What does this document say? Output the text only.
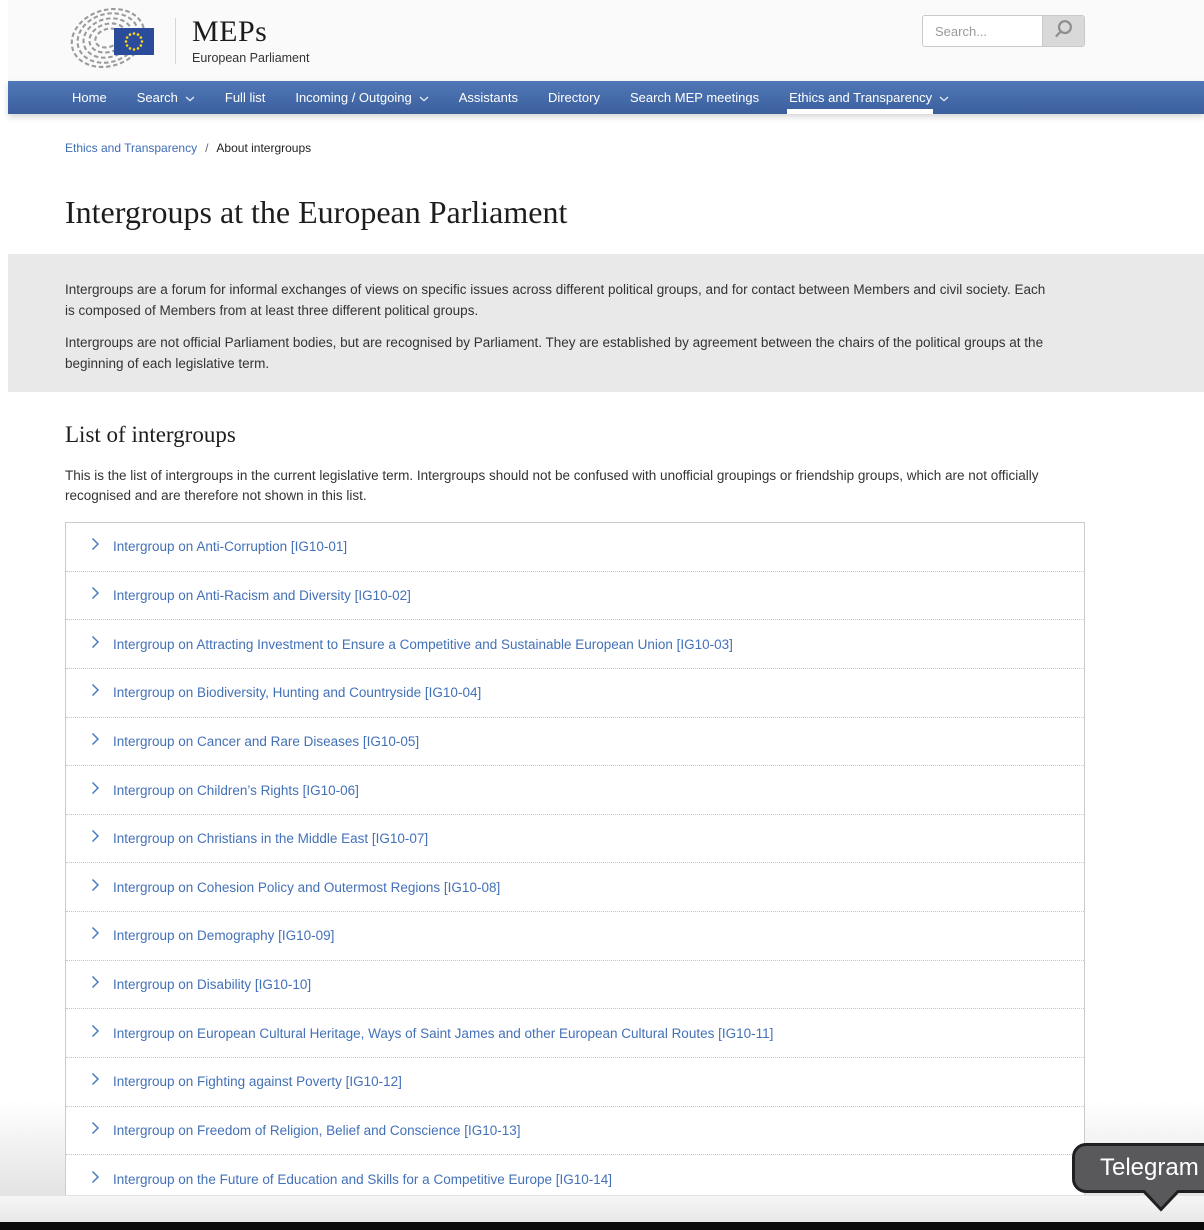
MEPs
European Parliament
Search...
Home Search	Full list Incoming / Outgoing	Assistants Directory Search MEP meetings Ethics and Transparency
Ethics and Transparency / About intergroups
Intergroups at the European Parliament

Intergroups are a forum for informal exchanges of views on specific issues across different political groups, and for contact between Members and civil society. Each is composed of Members from at least three different political groups.

Intergroups are not official Parliament bodies, but are recognised by Parliament. They are established by agreement between the chairs of the political groups at the beginning of each legislative term.

List of intergroups

This is the list of intergroups in the current legislative term. Intergroups should not be confused with unofficial groupings or friendship groups, which are not officially recognised and are therefore not shown in this list.

Intergroup on Anti-Corruption [IG10-01]
Intergroup on Anti-Racism and Diversity [IG10-02]
Intergroup on Attracting Investment to Ensure a Competitive and Sustainable European Union [IG10-03]
Intergroup on Biodiversity, Hunting and Countryside [IG10-04]
Intergroup on Cancer and Rare Diseases [IG10-05]
Intergroup on Children’s Rights [IG10-06]
Intergroup on Christians in the Middle East [IG10-07]
Intergroup on Cohesion Policy and Outermost Regions [IG10-08]
Intergroup on Demography [IG10-09]
Intergroup on Disability [IG10-10]
Intergroup on European Cultural Heritage, Ways of Saint James and other European Cultural Routes [IG10-11]
Intergroup on Fighting against Poverty [IG10-12]
Intergroup on Freedom of Religion, Belief and Conscience [IG10-13]
Intergroup on the Future of Education and Skills for a Competitive Europe [IG10-14]	Telegram
